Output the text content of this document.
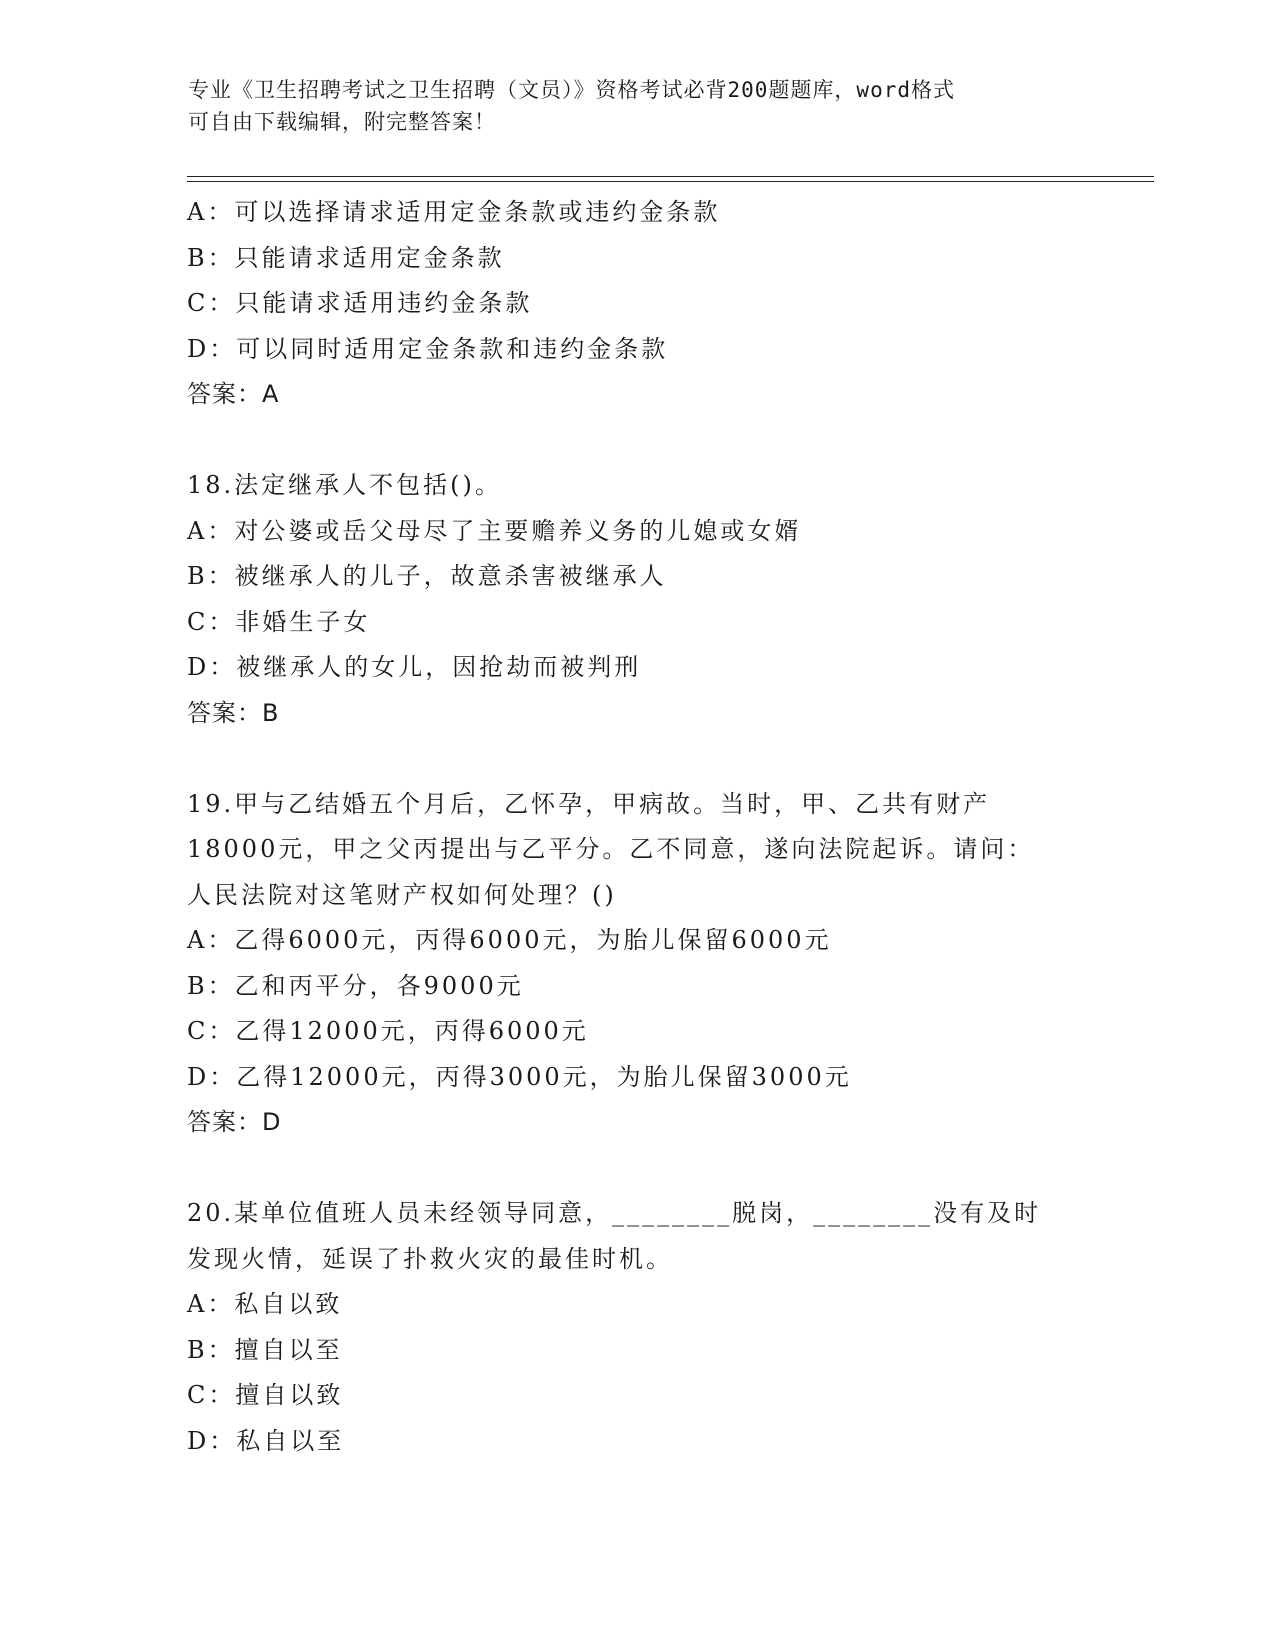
专业《卫生招聘考试之卫生招聘（文员）》资格考试必背200题题库，word格式
可自由下载编辑，附完整答案！
A：可以选择请求适用定金条款或违约金条款
B：只能请求适用定金条款
C：只能请求适用违约金条款
D：可以同时适用定金条款和违约金条款
答案：A
18.法定继承人不包括()。
A：对公婆或岳父母尽了主要赡养义务的儿媳或女婿
B：被继承人的儿子，故意杀害被继承人
C：非婚生子女
D：被继承人的女儿，因抢劫而被判刑
答案：B
19.甲与乙结婚五个月后，乙怀孕，甲病故。当时，甲、乙共有财产
18000元，甲之父丙提出与乙平分。乙不同意，遂向法院起诉。请问：
人民法院对这笔财产权如何处理？()
A：乙得6000元，丙得6000元，为胎儿保留6000元
B：乙和丙平分，各9000元
C：乙得12000元，丙得6000元
D：乙得12000元，丙得3000元，为胎儿保留3000元
答案：D
20.某单位值班人员未经领导同意，________脱岗，________没有及时
发现火情，延误了扑救火灾的最佳时机。
A：私自以致
B：擅自以至
C：擅自以致
D：私自以至
